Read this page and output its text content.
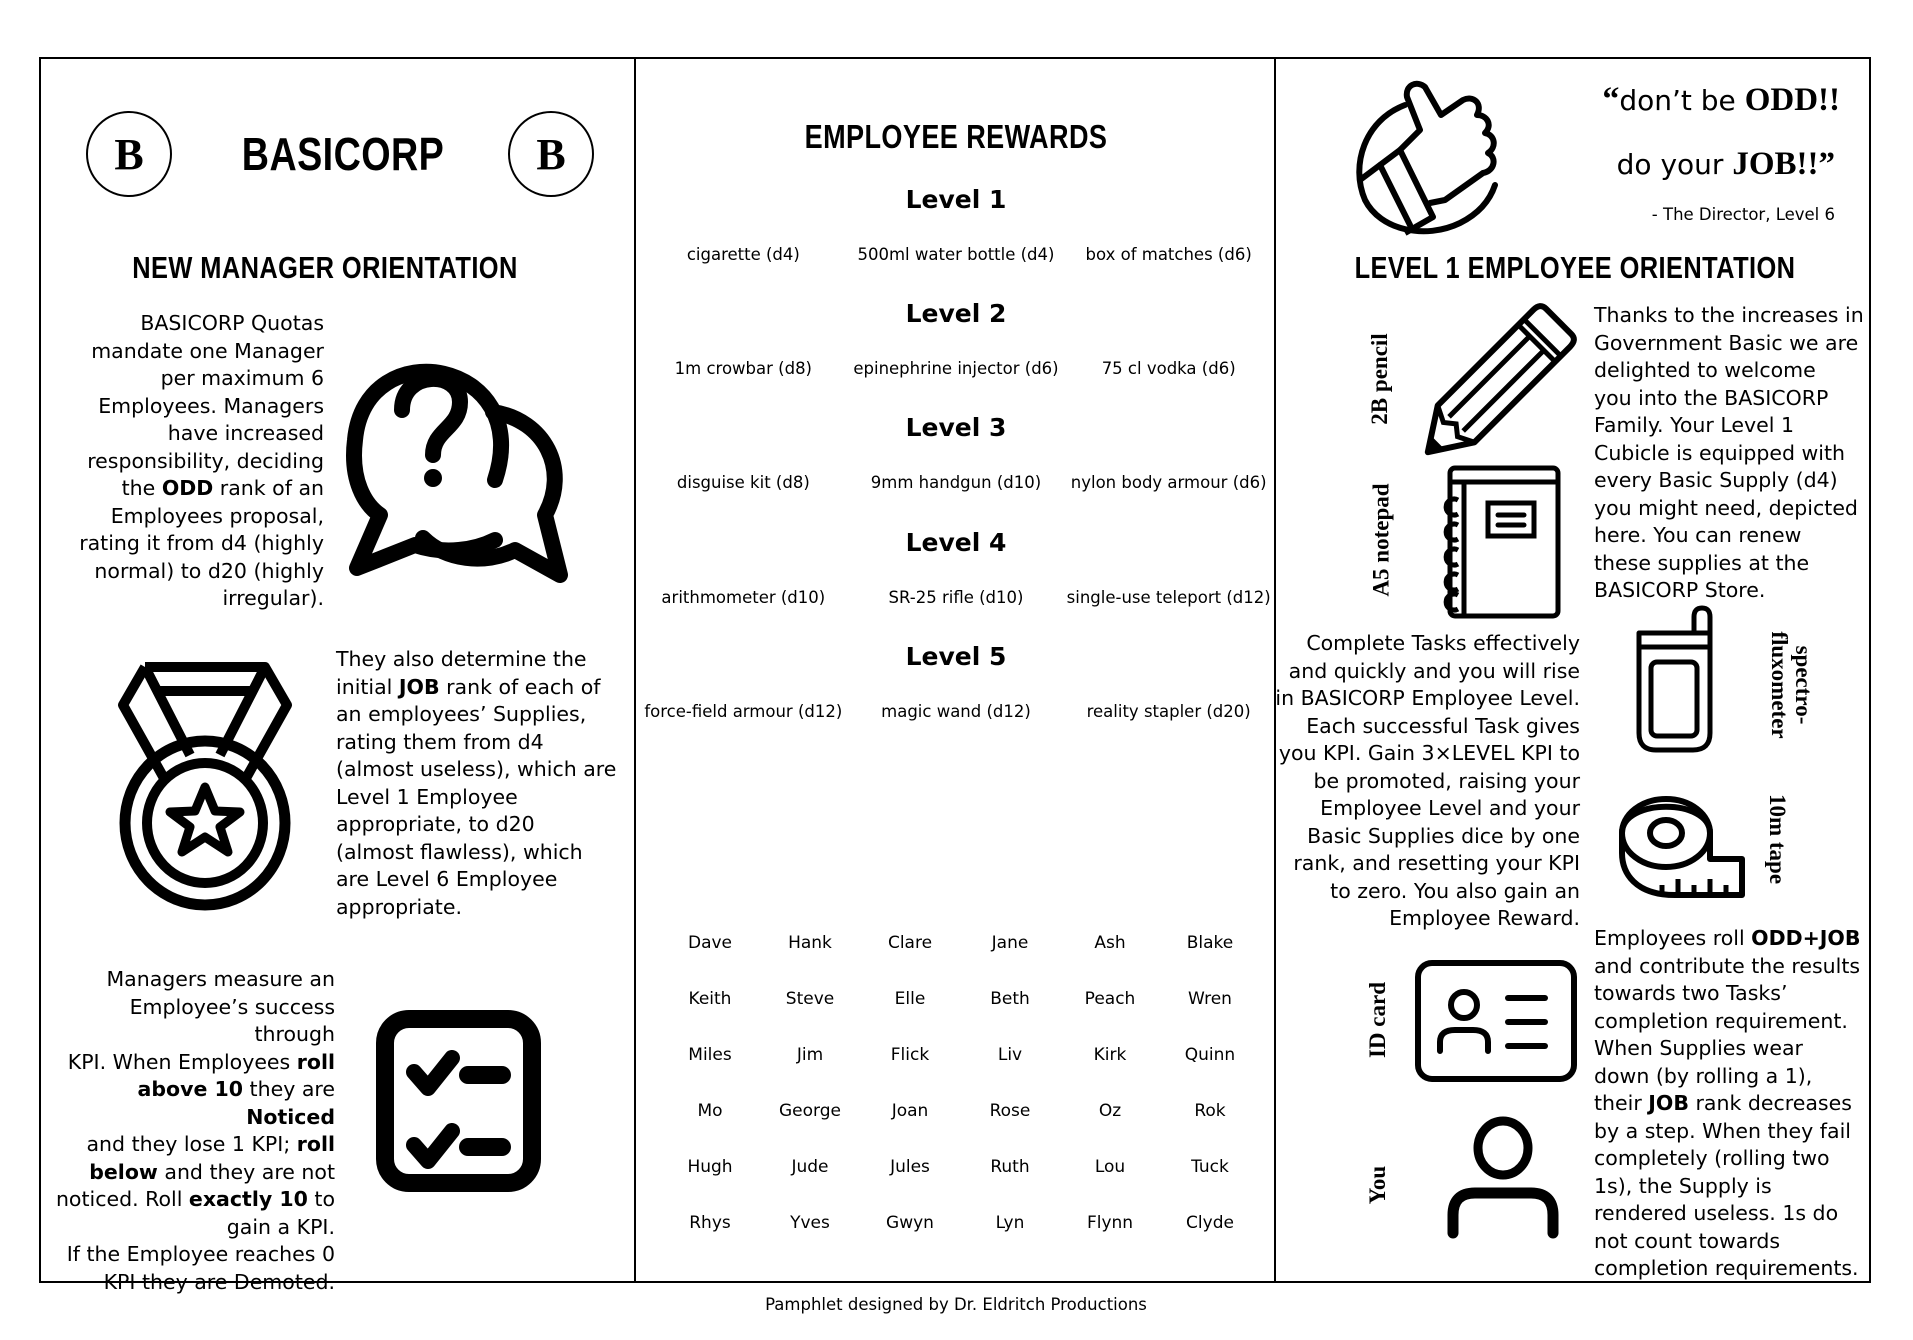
B	B
BASICORP
NEW MANAGER ORIENTATION
BASICORP Quotas
mandate one Manager
per maximum 6
Employees. Managers
have increased
responsibility, deciding
the ODD rank of an
Employees proposal,
rating it from d4 (highly
normal) to d20 (highly
irregular).
They also determine the
initial JOB rank of each of
an employees’ Supplies,
rating them from d4
(almost useless), which are
Level 1 Employee
appropriate, to d20
(almost flawless), which
are Level 6 Employee
appropriate.
Managers measure an
Employee’s success through
KPI. When Employees roll
above 10 they are Noticed
and they lose 1 KPI; roll
below and they are not
noticed. Roll exactly 10 to
gain a KPI.
If the Employee reaches 0
KPI they are Demoted.
EMPLOYEE REWARDS
Level 1
cigarette (d4)	500ml water bottle (d4)	box of matches (d6)
Level 2
1m crowbar (d8)	epinephrine injector (d6)	75 cl vodka (d6)
Level 3
disguise kit (d8)	9mm handgun (d10)	nylon body armour (d6)
Level 4
arithmometer (d10)	SR-25 rifle (d10)	single-use teleport (d12)
Level 5
force-field armour (d12)	magic wand (d12)	reality stapler (d20)
Dave	Hank	Clare	Jane	Ash	Blake
Keith	Steve	Elle	Beth	Peach	Wren
Miles	Jim	Flick	Liv	Kirk	Quinn
Mo	George	Joan	Rose	Oz	Rok
Hugh	Jude	Jules	Ruth	Lou	Tuck
Rhys	Yves	Gwyn	Lyn	Flynn	Clyde
“don’t be ODD!!
do your JOB!!”
- The Director, Level 6
LEVEL 1 EMPLOYEE ORIENTATION
2B pencil
A5 notepad
Thanks to the increases in
Government Basic we are
delighted to welcome
you into the BASICORP
Family. Your Level 1
Cubicle is equipped with
every Basic Supply (d4)
you might need, depicted
here. You can renew
these supplies at the
BASICORP Store.
Complete Tasks effectively
and quickly and you will rise
in BASICORP Employee Level.
Each successful Task gives
you KPI. Gain 3×LEVEL KPI to
be promoted, raising your
Employee Level and your
Basic Supplies dice by one
rank, and resetting your KPI
to zero. You also gain an
Employee Reward.
spectro-
fluxometer
10m tape
ID card
You
Employees roll ODD+JOB
and contribute the results
towards two Tasks’
completion requirement.
When Supplies wear
down (by rolling a 1),
their JOB rank decreases
by a step. When they fail
completely (rolling two
1s), the Supply is
rendered useless. 1s do
not count towards
completion requirements.
Pamphlet designed by Dr. Eldritch Productions
